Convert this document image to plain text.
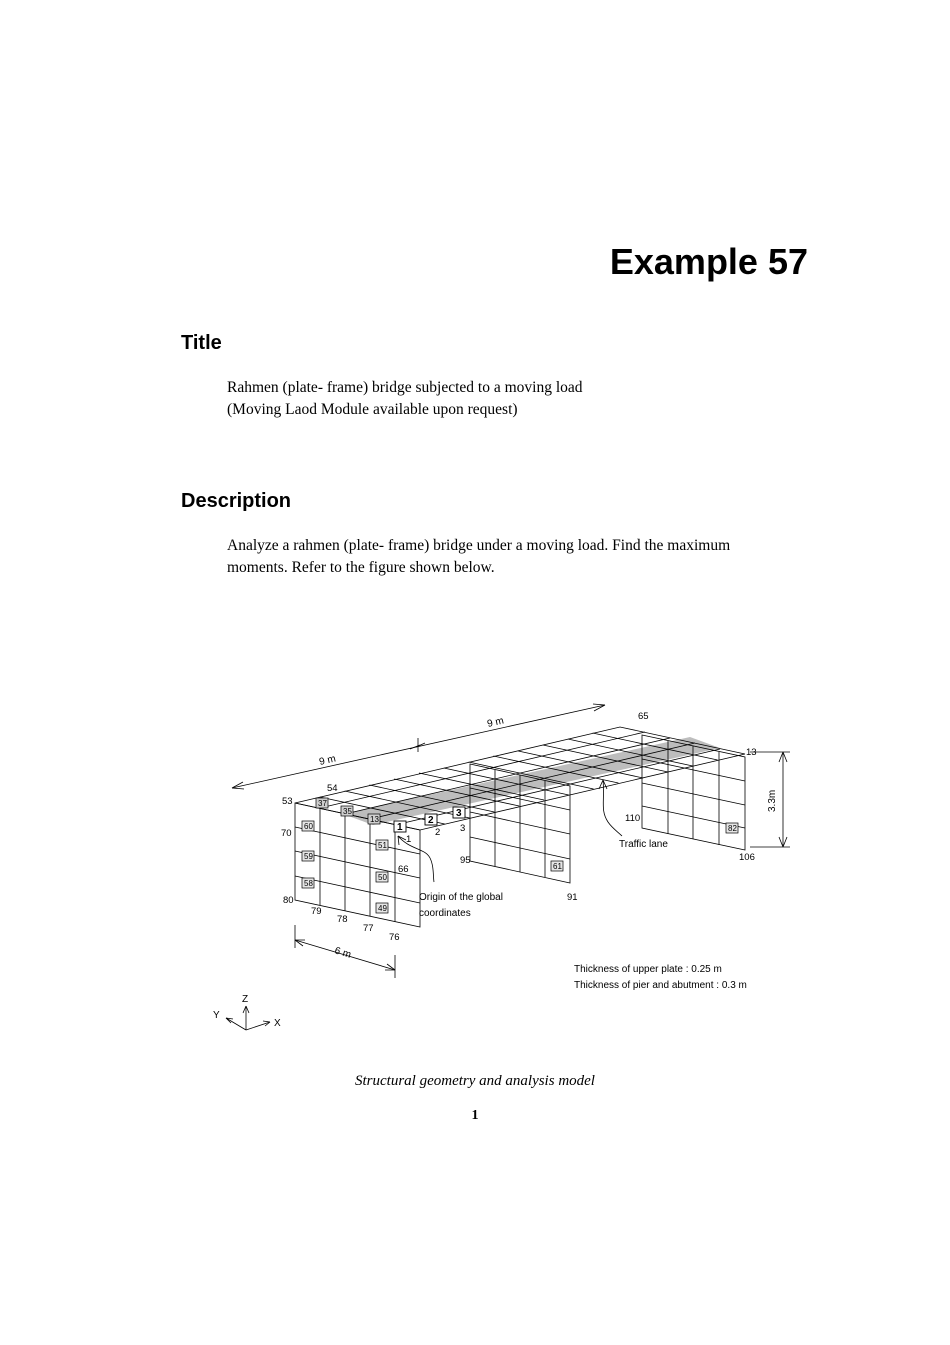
Example 57
Title

Rahmen (plate- frame) bridge subjected to a moving load
(Moving Laod Module available upon request)

Description

Analyze a rahmen (plate- frame) bridge under a moving load. Find the maximum
moments. Refer to the figure shown below.

9 m
9 m
3.3m
6 m
53
54
65
13
70
80
79
78
77
76
66
1
2 3
95
91
110
106
37
35
13
1
2
3
60
59
58
51
50
49
61
82
Origin of the global
coordinates
Traffic lane
Thickness of upper plate : 0.25 m
Thickness of pier and abutment : 0.3 m
Z
Y
X

Structural geometry and analysis model

1
